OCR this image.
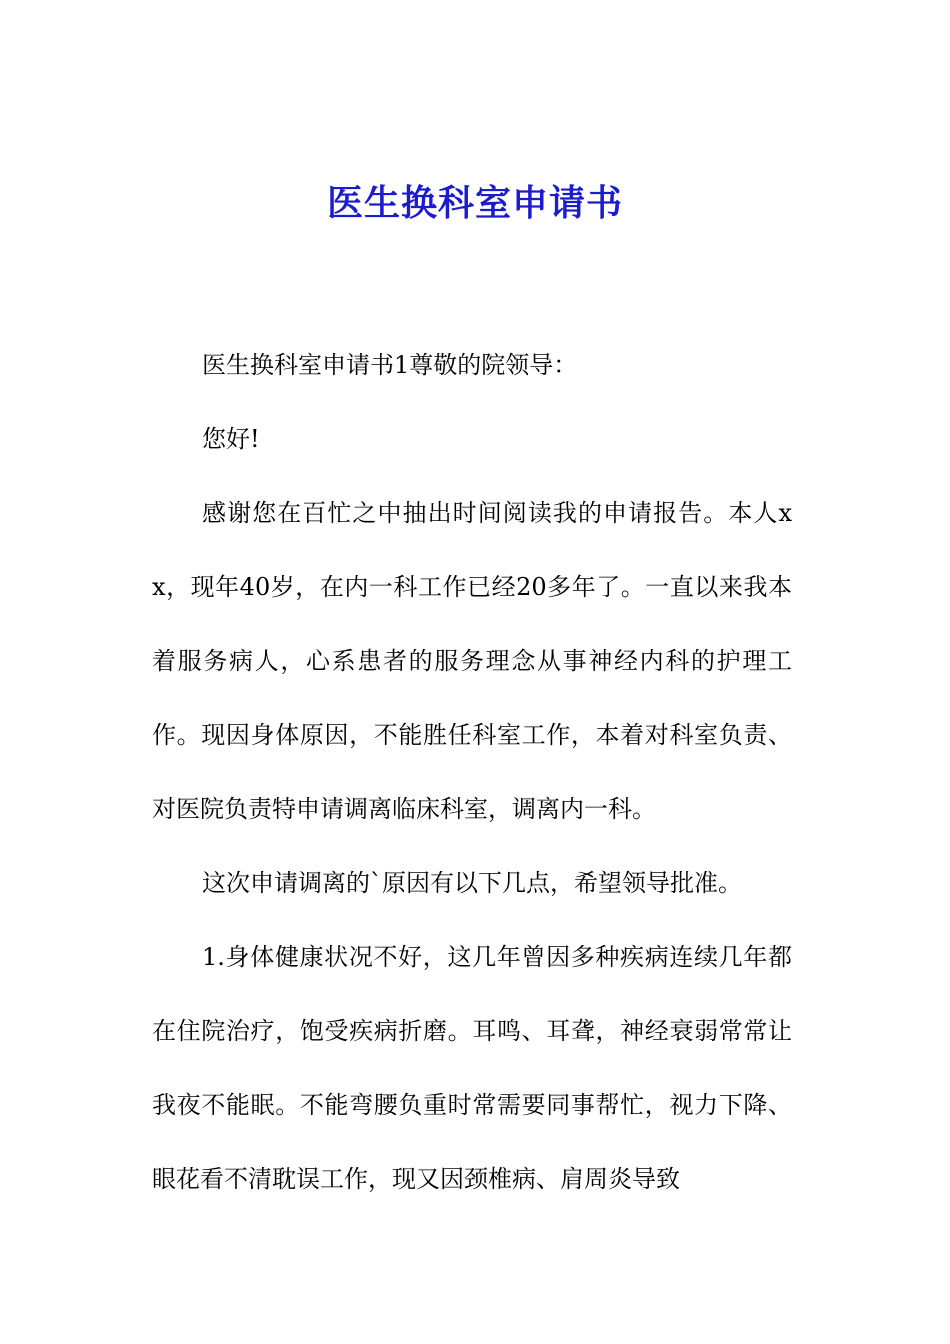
医生换科室申请书

医生换科室申请书1尊敬的院领导：

您好!

感谢您在百忙之中抽出时间阅读我的申请报告。本人xx，现年40岁，在内一科工作已经20多年了。一直以来我本着服务病人，心系患者的服务理念从事神经内科的护理工作。现因身体原因，不能胜任科室工作，本着对科室负责、对医院负责特申请调离临床科室，调离内一科。

这次申请调离的`原因有以下几点，希望领导批准。

1.身体健康状况不好，这几年曾因多种疾病连续几年都在住院治疗，饱受疾病折磨。耳鸣、耳聋，神经衰弱常常让我夜不能眠。不能弯腰负重时常需要同事帮忙，视力下降、眼花看不清耽误工作，现又因颈椎病、肩周炎导致
